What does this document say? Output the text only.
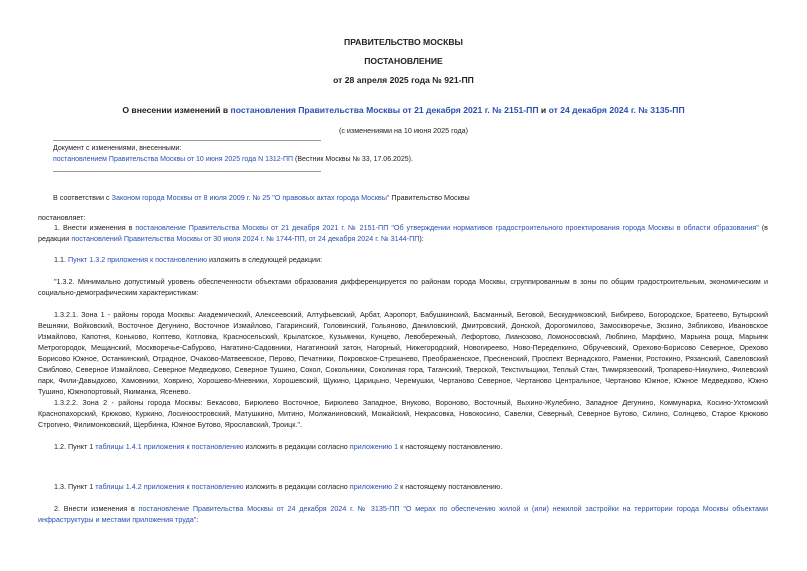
ПРАВИТЕЛЬСТВО МОСКВЫ
ПОСТАНОВЛЕНИЕ
от 28 апреля 2025 года № 921-ПП
О внесении изменений в постановления Правительства Москвы от 21 декабря 2021 г. № 2151-ПП и от 24 декабря 2024 г. № 3135-ПП
(с изменениями на 10 июня 2025 года)
Документ с изменениями, внесенными:
постановлением Правительства Москвы от 10 июня 2025 года N 1312-ПП (Вестник Москвы № 33, 17.06.2025).
В соответствии с Законом города Москвы от 8 июля 2009 г. № 25 "О правовых актах города Москвы" Правительство Москвы
постановляет:
1. Внести изменения в постановление Правительства Москвы от 21 декабря 2021 г. № 2151-ПП "Об утверждении нормативов градостроительного проектирования города Москвы в области образования" (в редакции постановлений Правительства Москвы от 30 июля 2024 г. № 1744-ПП, от 24 декабря 2024 г. № 3144-ПП):
1.1. Пункт 1.3.2 приложения к постановлению изложить в следующей редакции:
"1.3.2. Минимально допустимый уровень обеспеченности объектами образования дифференцируется по районам города Москвы, сгруппированным в зоны по общим градостроительным, экономическим и социально-демографическим характеристикам:
1.3.2.1. Зона 1 - районы города Москвы: Академический, Алексеевский, Алтуфьевский, Арбат, Аэропорт, Бабушкинский, Басманный, Беговой, Бескудниковский, Бибирево, Богородское, Братеево, Бутырский Вешняки, Войковский, Восточное Дегунино, Восточное Измайлово, Гагаринский, Головинский, Гольяново, Даниловский, Дмитровский, Донской, Дорогомилово, Замоскворечье, Зюзино, Зябликово, Ивановское Измайлово, Капотня, Коньково, Коптево, Котловка, Красносельский, Крылатское, Кузьминки, Кунцево, Левобережный, Лефортово, Лианозово, Ломоносовский, Люблино, Марфино, Марьина роща, Марьинк Метрогородок, Мещанский, Москворечье-Сабурово, Нагатино-Садовники, Нагатинский затон, Нагорный, Нижегородский, Новогиреево, Ново-Переделкино, Обручевский, Орехово-Борисово Северное, Орехово Борисово Южное, Останкинский, Отрадное, Очаково-Матвеевское, Перово, Печатники, Покровское-Стрешнево, Преображенское, Пресненский, Проспект Вернадского, Раменки, Ростокино, Рязанский, Савеловский Свиблово, Северное Измайлово, Северное Медведково, Северное Тушино, Сокол, Сокольники, Соколиная гора, Таганский, Тверской, Текстильщики, Теплый Стан, Тимирязевский, Тропарево-Никулино, Филевский парк, Фили-Давыдково, Хамовники, Ховрино, Хорошево-Мневники, Хорошевский, Щукино, Царицыно, Черемушки, Чертаново Северное, Чертаново Центральное, Чертаново Южное, Южное Медведково, Южно Тушино, Южнопортовый, Якиманка, Ясенево.
1.3.2.2. Зона 2 - районы города Москвы: Бекасово, Бирюлево Восточное, Бирюлево Западное, Внуково, Вороново, Восточный, Выхино-Жулебино, Западное Дегунино, Коммунарка, Косино-Ухтомский Краснопахорский, Крюково, Куркино, Лосиноостровский, Матушкино, Митино, Молжаниновский, Можайский, Некрасовка, Новокосино, Савелки, Северный, Северное Бутово, Силино, Солнцево, Старое Крюково Строгино, Филимонковский, Щербинка, Южное Бутово, Ярославский, Троицк.".
1.2. Пункт 1 таблицы 1.4.1 приложения к постановлению изложить в редакции согласно приложению 1 к настоящему постановлению.
1.3. Пункт 1 таблицы 1.4.2 приложения к постановлению изложить в редакции согласно приложению 2 к настоящему постановлению.
2. Внести изменения в постановление Правительства Москвы от 24 декабря 2024 г. № 3135-ПП "О мерах по обеспечению жилой и (или) нежилой застройки на территории города Москвы объектами инфраструктуры и местами приложения труда":
